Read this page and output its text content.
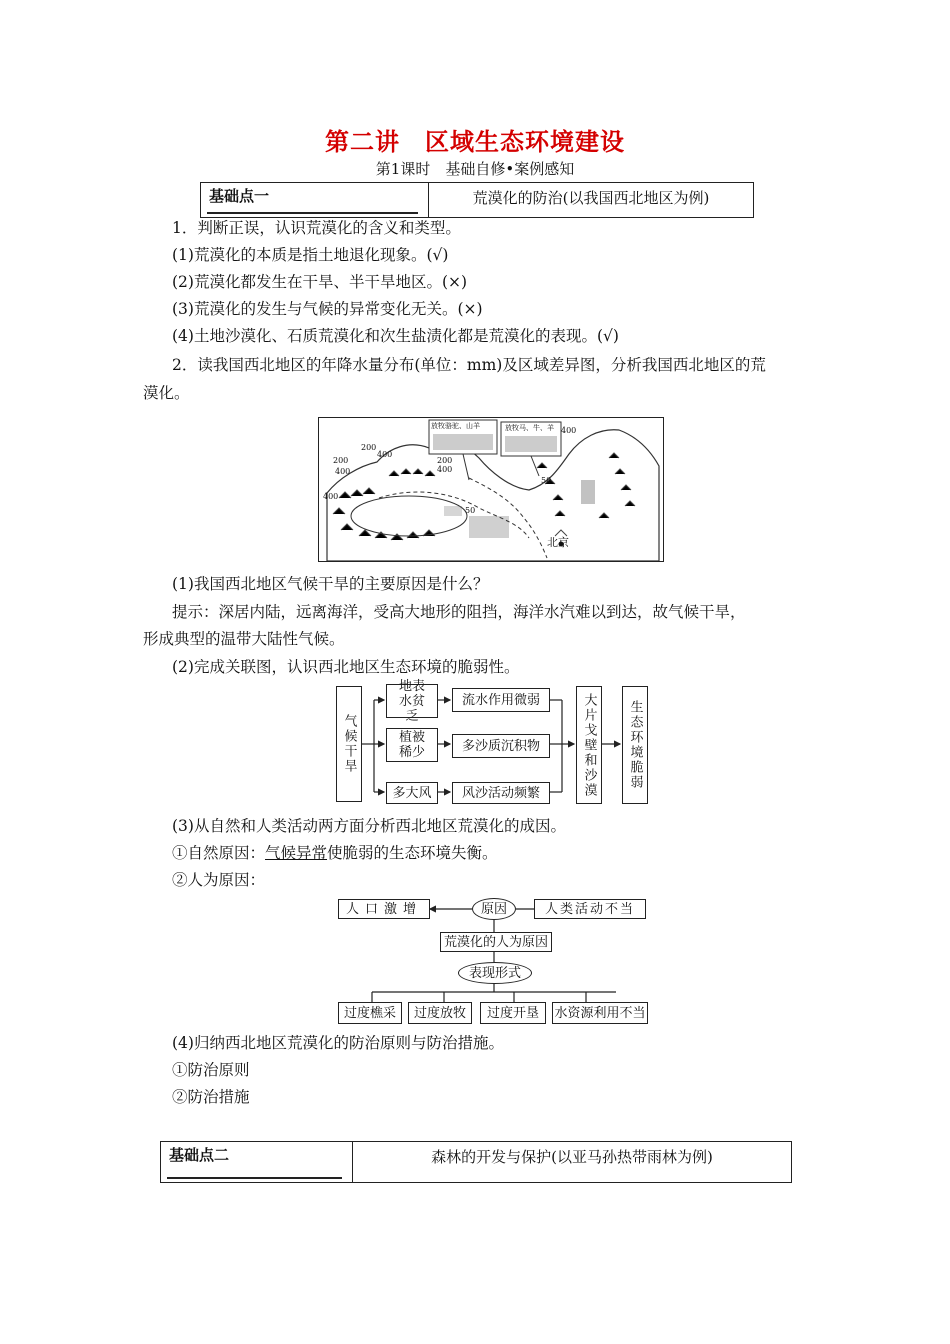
第二讲　区域生态环境建设
第1课时　基础自修•案例感知
基础点一	荒漠化的防治(以我国西北地区为例)
1．判断正误，认识荒漠化的含义和类型。
(1)荒漠化的本质是指土地退化现象。(√)
(2)荒漠化都发生在干旱、半干旱地区。(×)
(3)荒漠化的发生与气候的异常变化无关。(×)
(4)土地沙漠化、石质荒漠化和次生盐渍化都是荒漠化的表现。(√)
2．读我国西北地区的年降水量分布(单位：mm)及区域差异图，分析我国西北地区的荒
漠化。
放牧骆驼、山羊	放牧马、牛、羊 400
200
400
200
400
50
200
400
400
50
北京
(1)我国西北地区气候干旱的主要原因是什么？
提示：深居内陆，远离海洋，受高大地形的阻挡，海洋水汽难以到达，故气候干旱，
形成典型的温带大陆性气候。
(2)完成关联图，认识西北地区生态环境的脆弱性。
气候干旱
地表水贫乏
植被稀少
多大风
流水作用微弱
多沙质沉积物
风沙活动频繁	大片戈壁和沙漠	生态环境脆弱
(3)从自然和人类活动两方面分析西北地区荒漠化的成因。
①自然原因：气候异常使脆弱的生态环境失衡。
②人为原因：
人口激增	原因	人类活动不当
荒漠化的人为原因
表现形式
过度樵采	过度放牧	过度开垦	水资源利用不当
(4)归纳西北地区荒漠化的防治原则与防治措施。
①防治原则
②防治措施
基础点二	森林的开发与保护(以亚马孙热带雨林为例)
